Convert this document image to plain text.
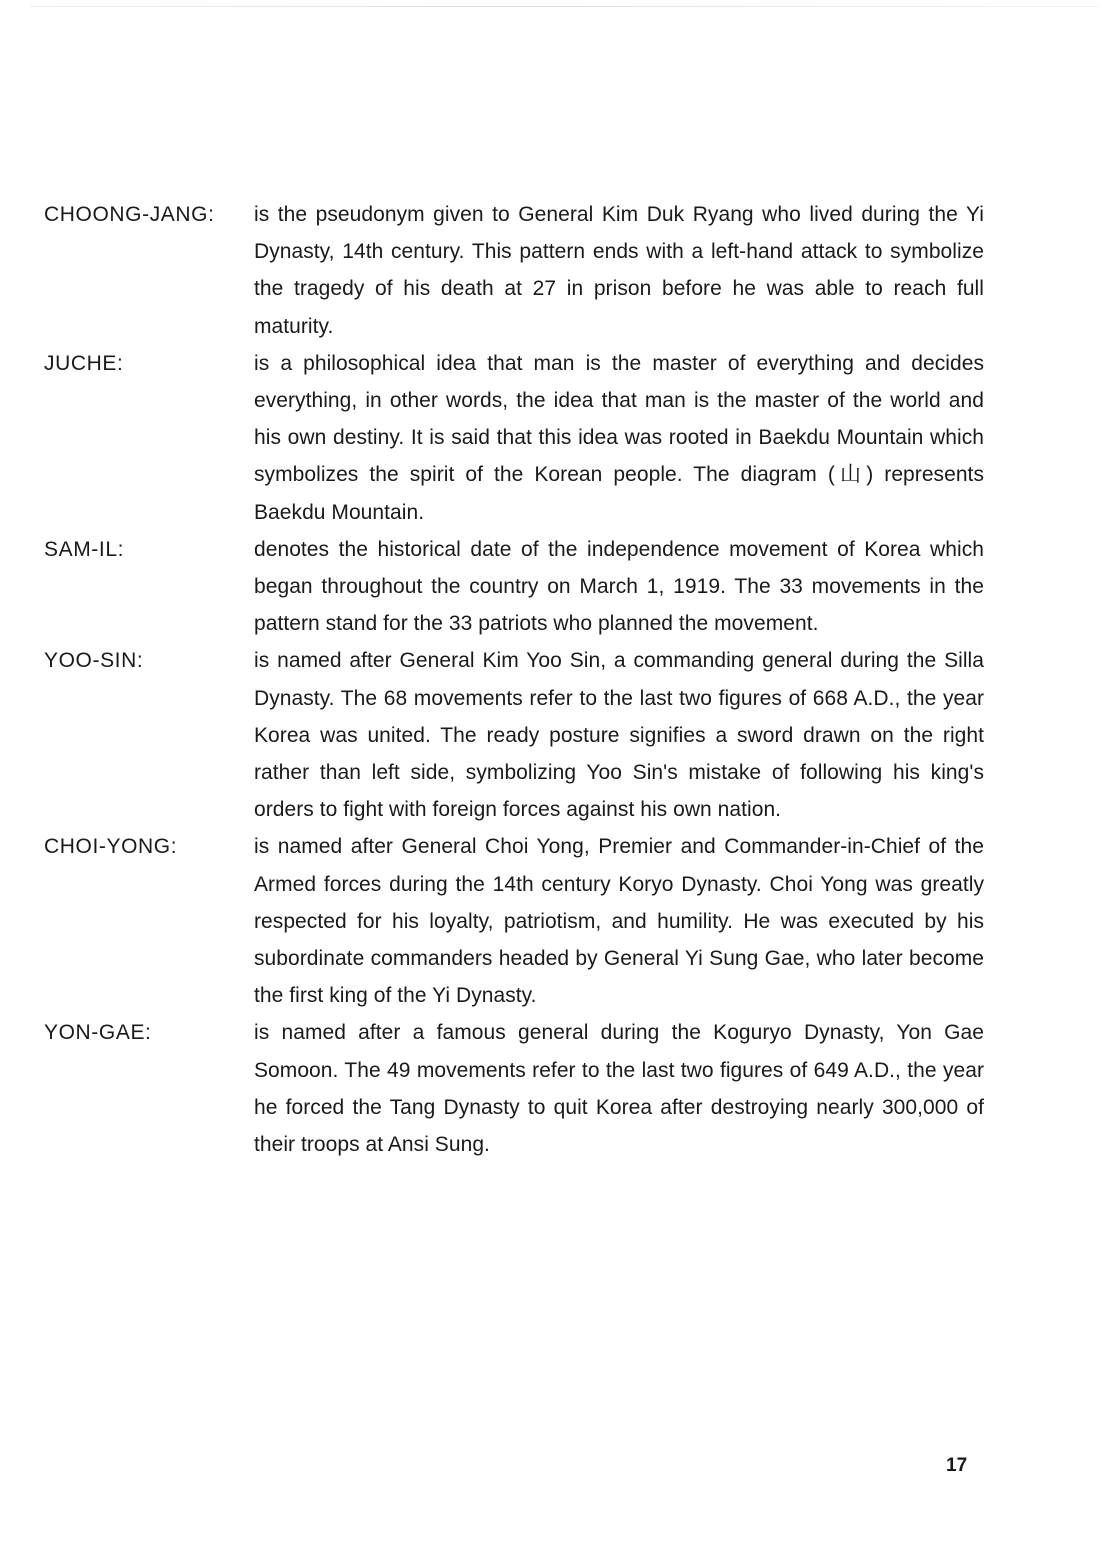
CHOONG-JANG: is the pseudonym given to General Kim Duk Ryang who lived during the Yi Dynasty, 14th century. This pattern ends with a left-hand attack to symbolize the tragedy of his death at 27 in prison before he was able to reach full maturity.

JUCHE:	is a philosophical idea that man is the master of everything and decides everything, in other words, the idea that man is the master of the world and his own destiny. It is said that this idea was rooted in Baekdu Mountain which symbolizes the spirit of the Korean people. The diagram (山) represents Baekdu Mountain.

SAM-IL:	denotes the historical date of the independence movement of Korea which began throughout the country on March 1, 1919. The 33 movements in the pattern stand for the 33 patriots who planned the movement.

YOO-SIN:	is named after General Kim Yoo Sin, a commanding general during the Silla Dynasty. The 68 movements refer to the last two figures of 668 A.D., the year Korea was united. The ready posture signifies a sword drawn on the right rather than left side, symbolizing Yoo Sin's mistake of following his king's orders to fight with foreign forces against his own nation.

CHOI-YONG:	is named after General Choi Yong, Premier and Commander-in-Chief of the Armed forces during the 14th century Koryo Dynasty. Choi Yong was greatly respected for his loyalty, patriotism, and humility. He was executed by his subordinate commanders headed by General Yi Sung Gae, who later become the first king of the Yi Dynasty.

YON-GAE:	is named after a famous general during the Koguryo Dynasty, Yon Gae Somoon. The 49 movements refer to the last two figures of 649 A.D., the year he forced the Tang Dynasty to quit Korea after destroying nearly 300,000 of their troops at Ansi Sung.

17
